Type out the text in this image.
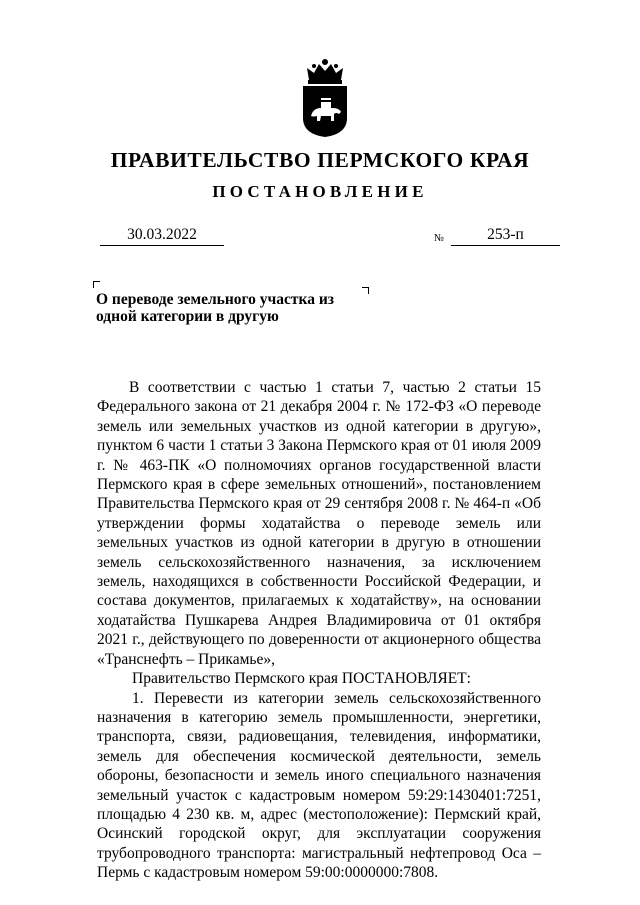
ПРАВИТЕЛЬСТВО ПЕРМСКОГО КРАЯ
ПОСТАНОВЛЕНИЕ
30.03.2022	№	253-п
О переводе земельного участка из одной категории в другую

В соответствии с частью 1 статьи 7, частью 2 статьи 15 Федерального закона от 21 декабря 2004 г. № 172-ФЗ «О переводе земель или земельных участков из одной категории в другую», пунктом 6 части 1 статьи 3 Закона Пермского края от 01 июля 2009 г. № 463-ПК «О полномочиях органов государственной власти Пермского края в сфере земельных отношений», постановлением Правительства Пермского края от 29 сентября 2008 г. № 464-п «Об утверждении формы ходатайства о переводе земель или земельных участков из одной категории в другую в отношении земель сельскохозяйственного назначения, за исключением земель, находящихся в собственности Российской Федерации, и состава документов, прилагаемых к ходатайству», на основании ходатайства Пушкарева Андрея Владимировича от 01 октября 2021 г., действующего по доверенности от акционерного общества «Транснефть – Прикамье»,

Правительство Пермского края ПОСТАНОВЛЯЕТ:

1. Перевести из категории земель сельскохозяйственного назначения в категорию земель промышленности, энергетики, транспорта, связи, радиовещания, телевидения, информатики, земель для обеспечения космической деятельности, земель обороны, безопасности и земель иного специального назначения земельный участок с кадастровым номером 59:29:1430401:7251, площадью 4 230 кв. м, адрес (местоположение): Пермский край, Осинский городской округ, для эксплуатации сооружения трубопроводного транспорта: магистральный нефтепровод Оса – Пермь с кадастровым номером 59:00:0000000:7808.
